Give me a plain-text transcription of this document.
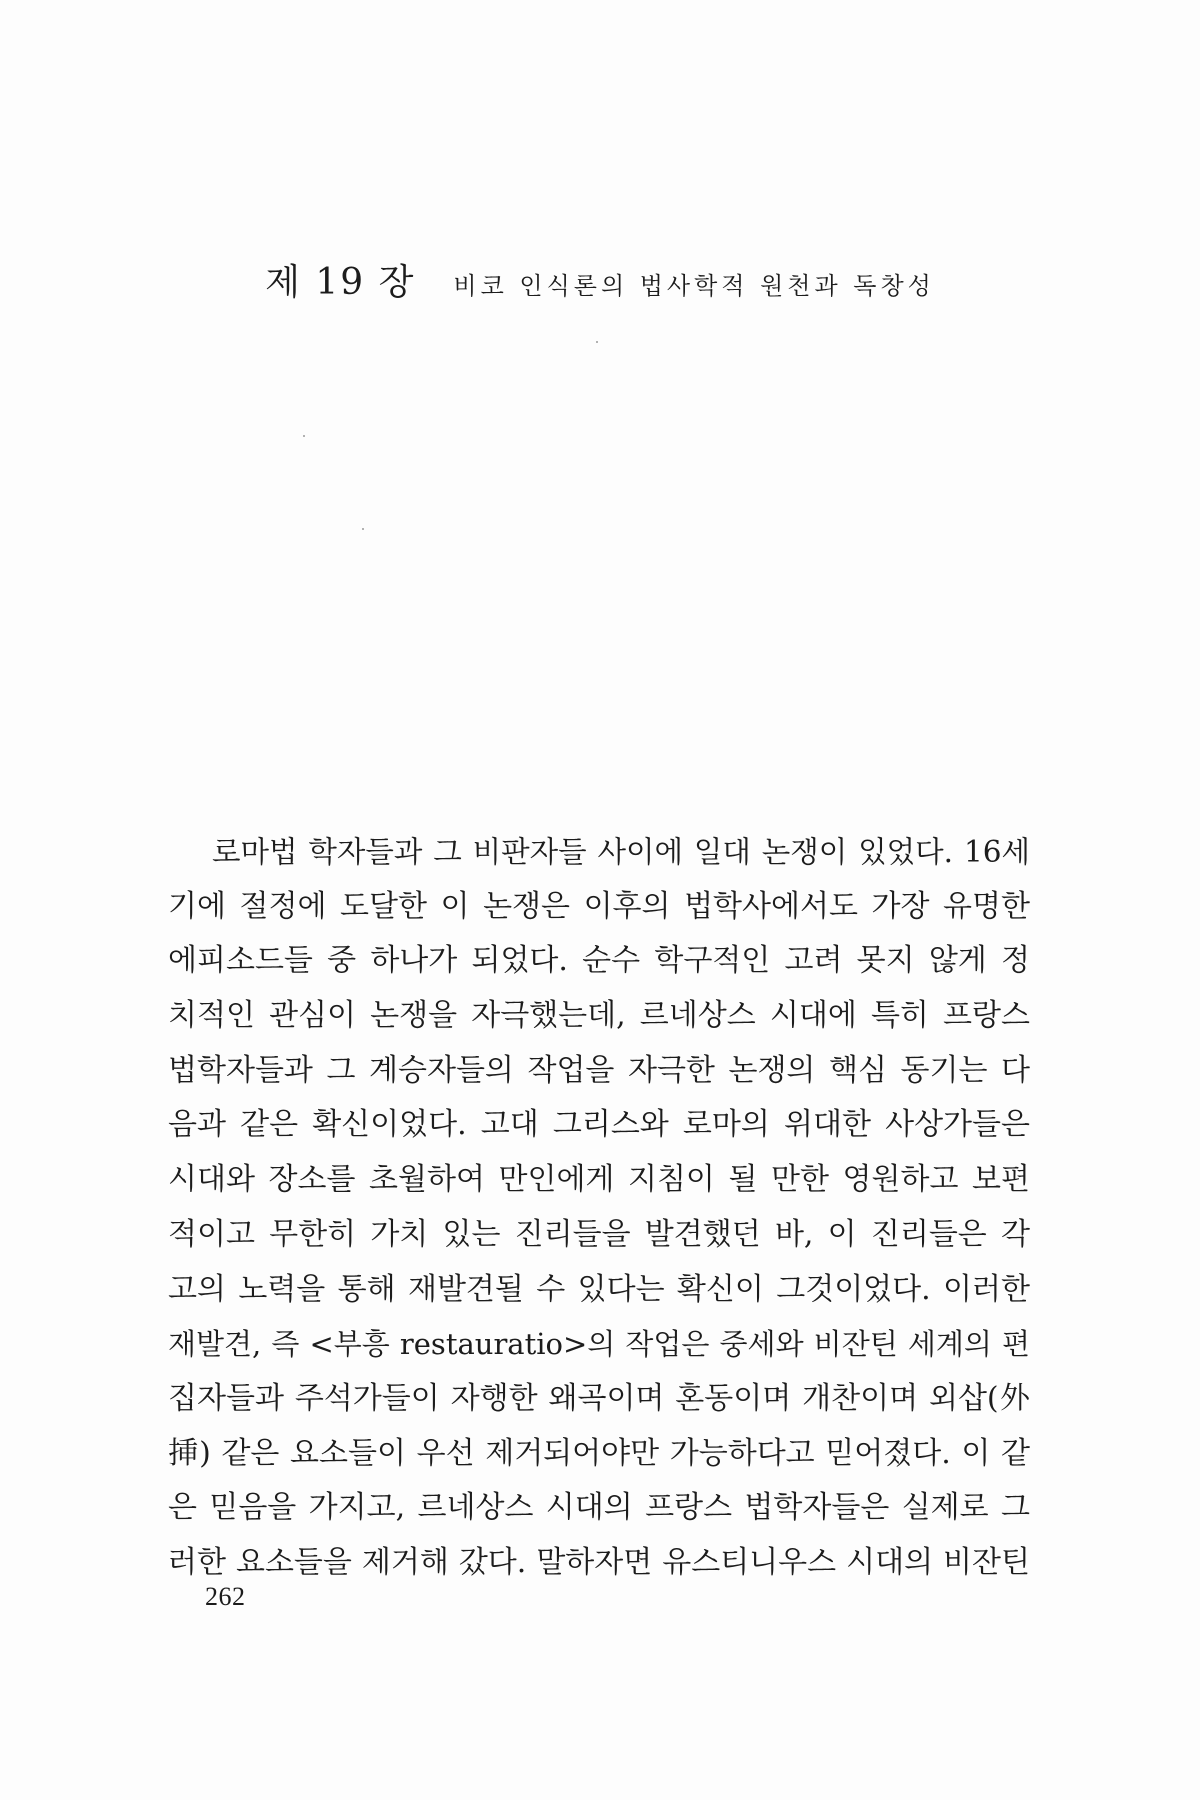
제 19 장 비코 인식론의 법사학적 원천과 독창성
로마법 학자들과 그 비판자들 사이에 일대 논쟁이 있었다. 16세
기에 절정에 도달한 이 논쟁은 이후의 법학사에서도 가장 유명한
에피소드들 중 하나가 되었다. 순수 학구적인 고려 못지 않게 정
치적인 관심이 논쟁을 자극했는데, 르네상스 시대에 특히 프랑스
법학자들과 그 계승자들의 작업을 자극한 논쟁의 핵심 동기는 다
음과 같은 확신이었다. 고대 그리스와 로마의 위대한 사상가들은
시대와 장소를 초월하여 만인에게 지침이 될 만한 영원하고 보편
적이고 무한히 가치 있는 진리들을 발견했던 바, 이 진리들은 각
고의 노력을 통해 재발견될 수 있다는 확신이 그것이었다. 이러한
재발견, 즉 <부흥 restauratio>의 작업은 중세와 비잔틴 세계의 편
집자들과 주석가들이 자행한 왜곡이며 혼동이며 개찬이며 외삽(外
挿) 같은 요소들이 우선 제거되어야만 가능하다고 믿어졌다. 이 같
은 믿음을 가지고, 르네상스 시대의 프랑스 법학자들은 실제로 그
러한 요소들을 제거해 갔다. 말하자면 유스티니우스 시대의 비잔틴
262
